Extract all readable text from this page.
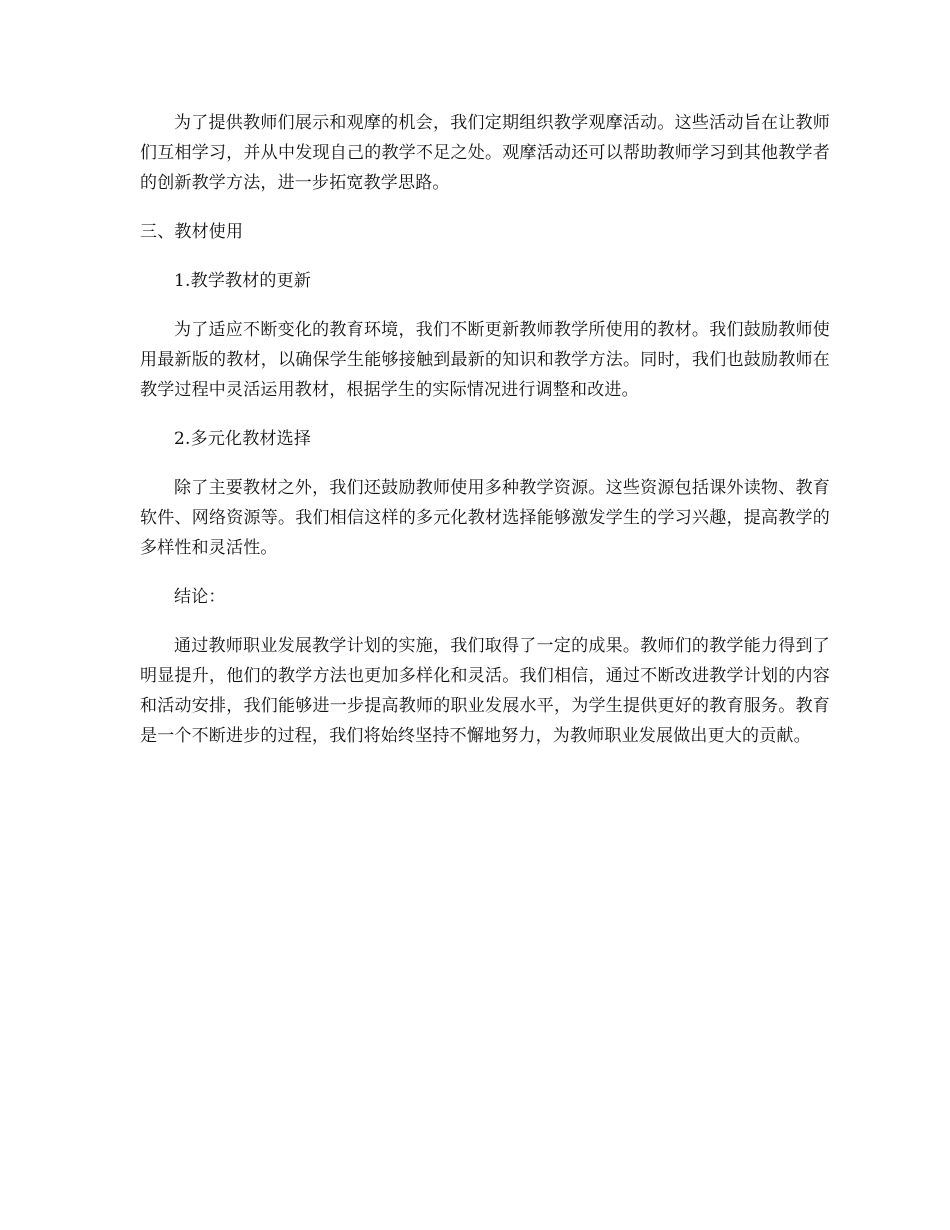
为了提供教师们展示和观摩的机会，我们定期组织教学观摩活动。这些活动旨在让教师们互相学习，并从中发现自己的教学不足之处。观摩活动还可以帮助教师学习到其他教学者的创新教学方法，进一步拓宽教学思路。

三、教材使用

1.教学教材的更新

为了适应不断变化的教育环境，我们不断更新教师教学所使用的教材。我们鼓励教师使用最新版的教材，以确保学生能够接触到最新的知识和教学方法。同时，我们也鼓励教师在教学过程中灵活运用教材，根据学生的实际情况进行调整和改进。

2.多元化教材选择

除了主要教材之外，我们还鼓励教师使用多种教学资源。这些资源包括课外读物、教育软件、网络资源等。我们相信这样的多元化教材选择能够激发学生的学习兴趣，提高教学的多样性和灵活性。

结论：

通过教师职业发展教学计划的实施，我们取得了一定的成果。教师们的教学能力得到了明显提升，他们的教学方法也更加多样化和灵活。我们相信，通过不断改进教学计划的内容和活动安排，我们能够进一步提高教师的职业发展水平，为学生提供更好的教育服务。教育是一个不断进步的过程，我们将始终坚持不懈地努力，为教师职业发展做出更大的贡献。
